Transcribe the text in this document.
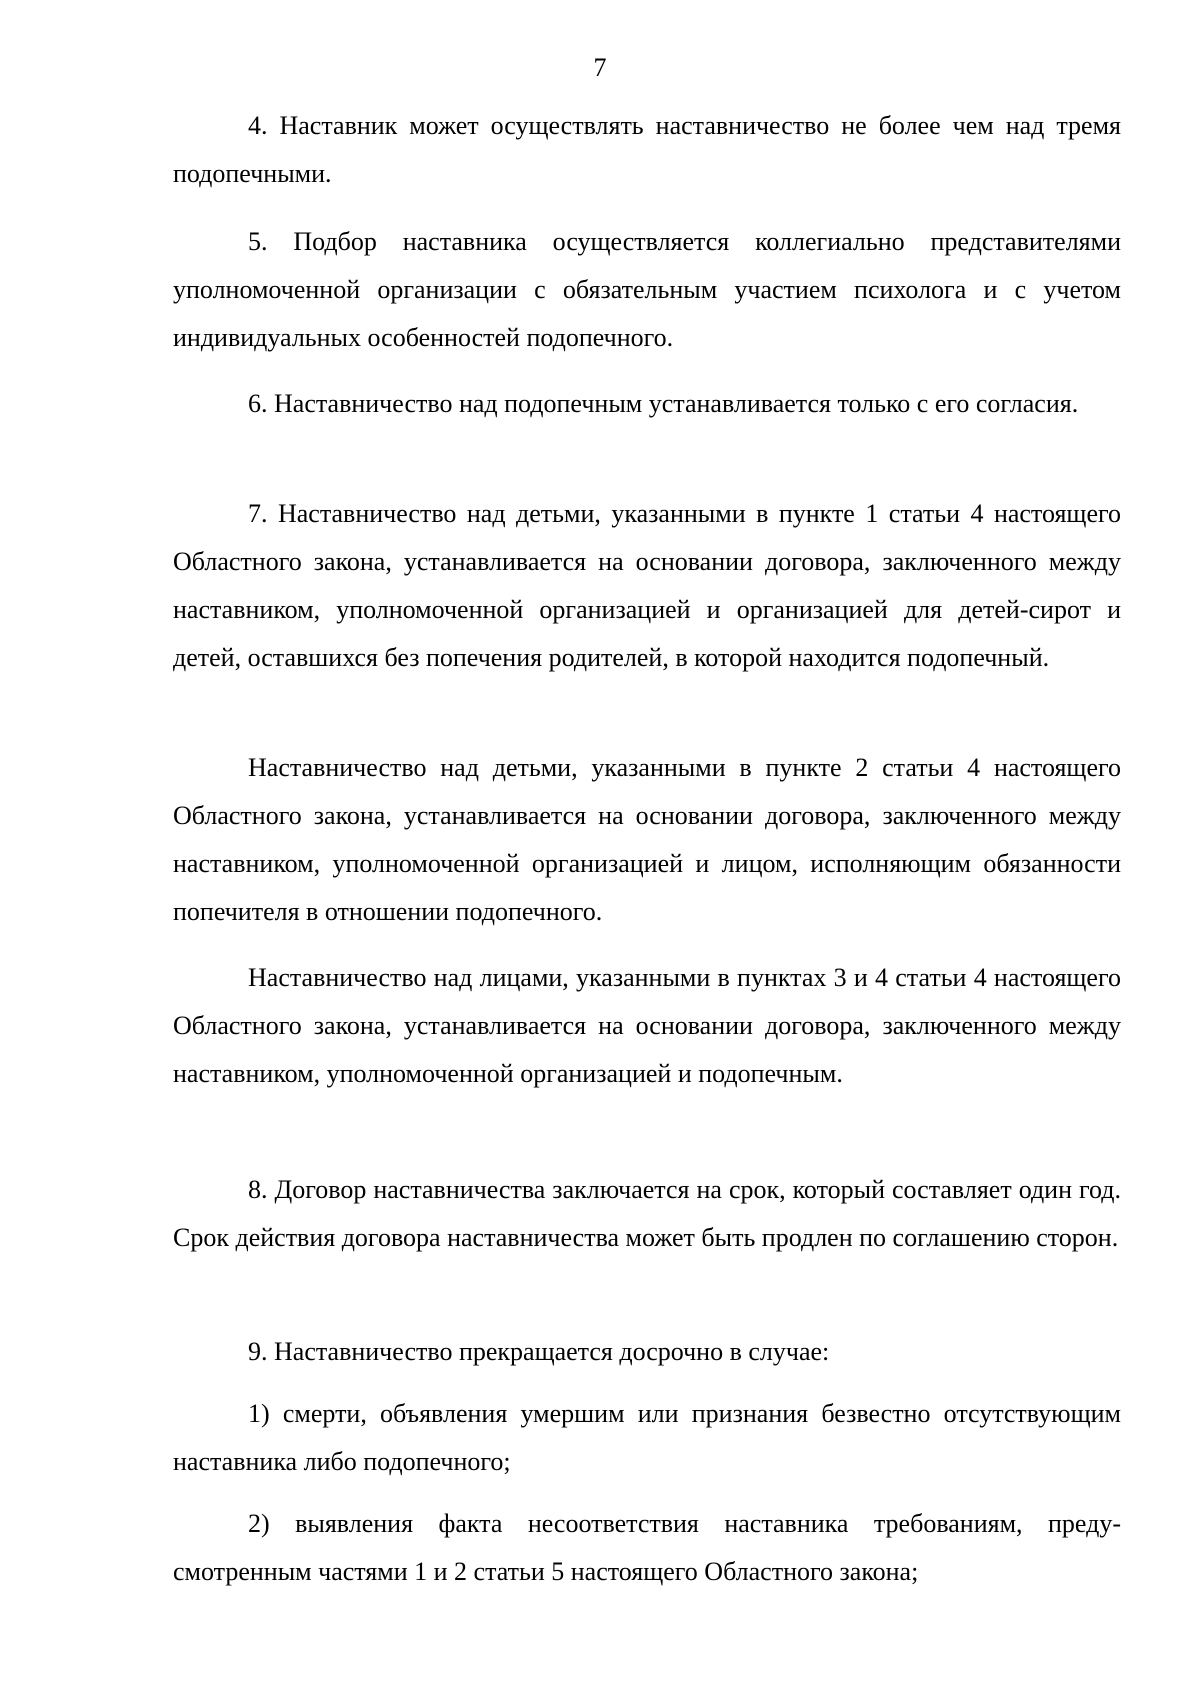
7

4. Наставник может осуществлять наставничество не более чем над тремя подопечными.

5. Подбор наставника осуществляется коллегиально представителями уполномоченной организации с обязательным участием психолога и с учетом индивидуальных особенностей подопечного.

6. Наставничество над подопечным устанавливается только с его согласия.

7. Наставничество над детьми, указанными в пункте 1 статьи 4 настоящего Областного закона, устанавливается на основании договора, заключенного между наставником, уполномоченной организацией и организацией для детей-сирот и детей, оставшихся без попечения родителей, в которой находится подопечный.

Наставничество над детьми, указанными в пункте 2 статьи 4 настоящего Областного закона, устанавливается на основании договора, заключенного между наставником, уполномоченной организацией и лицом, исполняющим обязанности попечителя в отношении подопечного.

Наставничество над лицами, указанными в пунктах 3 и 4 статьи 4 настоящего Областного закона, устанавливается на основании договора, заключенного между наставником, уполномоченной организацией и подопечным.

8. Договор наставничества заключается на срок, который составляет один год. Срок действия договора наставничества может быть продлен по соглашению сторон.

9. Наставничество прекращается досрочно в случае:

1) смерти, объявления умершим или признания безвестно отсутствующим наставника либо подопечного;

2) выявления факта несоответствия наставника требованиям, предусмотренным частями 1 и 2 статьи 5 настоящего Областного закона;
